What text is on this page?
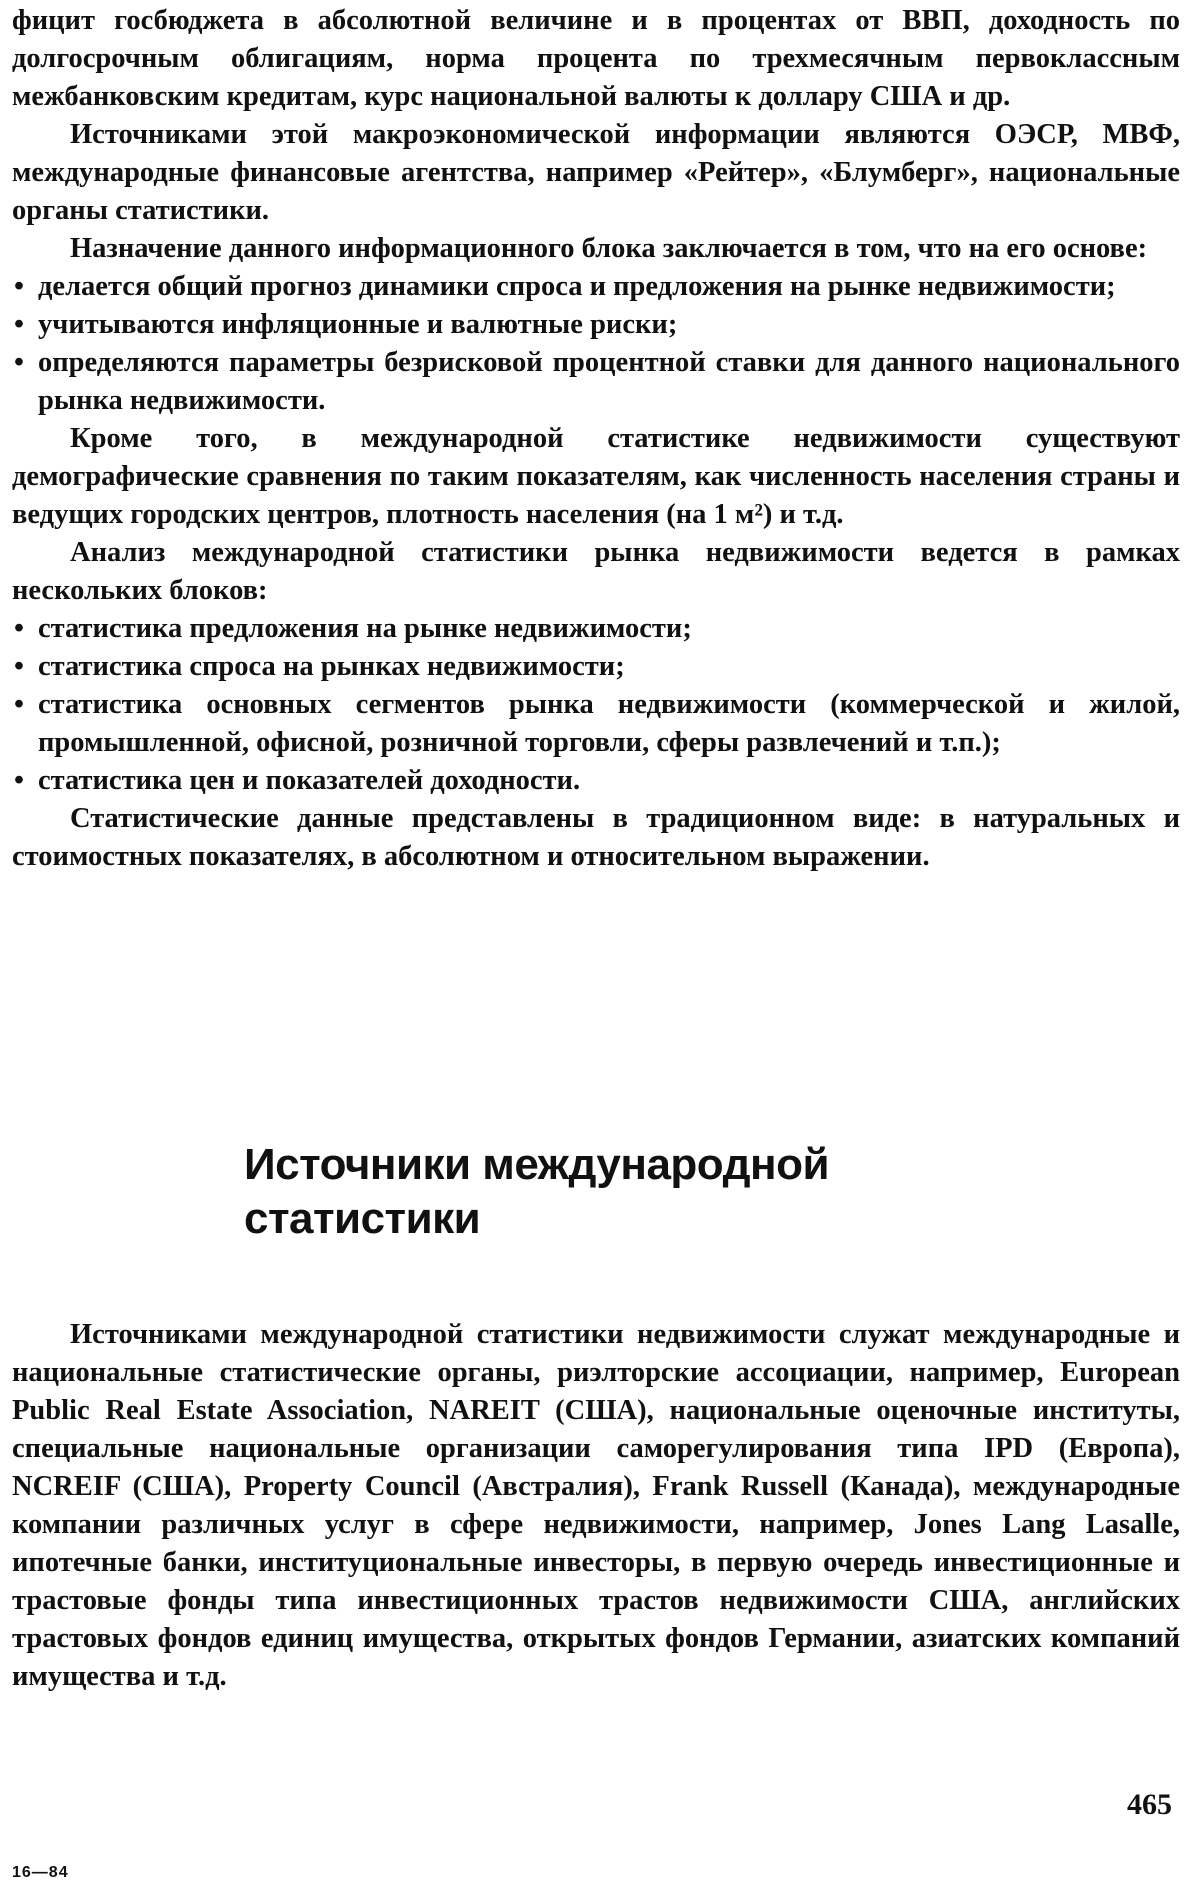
фицит госбюджета в абсолютной величине и в процентах от ВВП, доходность по долгосрочным облигациям, норма процента по трехмесячным первоклассным межбанковским кредитам, курс национальной валюты к доллару США и др.

Источниками этой макроэкономической информации являются ОЭСР, МВФ, международные финансовые агентства, например «Рейтер», «Блумберг», национальные органы статистики.

Назначение данного информационного блока заключается в том, что на его основе:

• делается общий прогноз динамики спроса и предложения на рынке недвижимости;
• учитываются инфляционные и валютные риски;
• определяются параметры безрисковой процентной ставки для данного национального рынка недвижимости.

Кроме того, в международной статистике недвижимости существуют демографические сравнения по таким показателям, как численность населения страны и ведущих городских центров, плотность населения (на 1 м²) и т.д.

Анализ международной статистики рынка недвижимости ведется в рамках нескольких блоков:

• статистика предложения на рынке недвижимости;
• статистика спроса на рынках недвижимости;
• статистика основных сегментов рынка недвижимости (коммерческой и жилой, промышленной, офисной, розничной торговли, сферы развлечений и т.п.);
• статистика цен и показателей доходности.

Статистические данные представлены в традиционном виде: в натуральных и стоимостных показателях, в абсолютном и относительном выражении.

Источники международной
статистики

Источниками международной статистики недвижимости служат международные и национальные статистические органы, риэлторские ассоциации, например, European Public Real Estate Association, NAREIT (США), национальные оценочные институты, специальные национальные организации саморегулирования типа IPD (Европа), NCREIF (США), Property Council (Австралия), Frank Russell (Канада), международные компании различных услуг в сфере недвижимости, например, Jones Lang Lasalle, ипотечные банки, институциональные инвесторы, в первую очередь инвестиционные и трастовые фонды типа инвестиционных трастов недвижимости США, английских трастовых фондов единиц имущества, открытых фондов Германии, азиатских компаний имущества и т.д.

465
16—84
